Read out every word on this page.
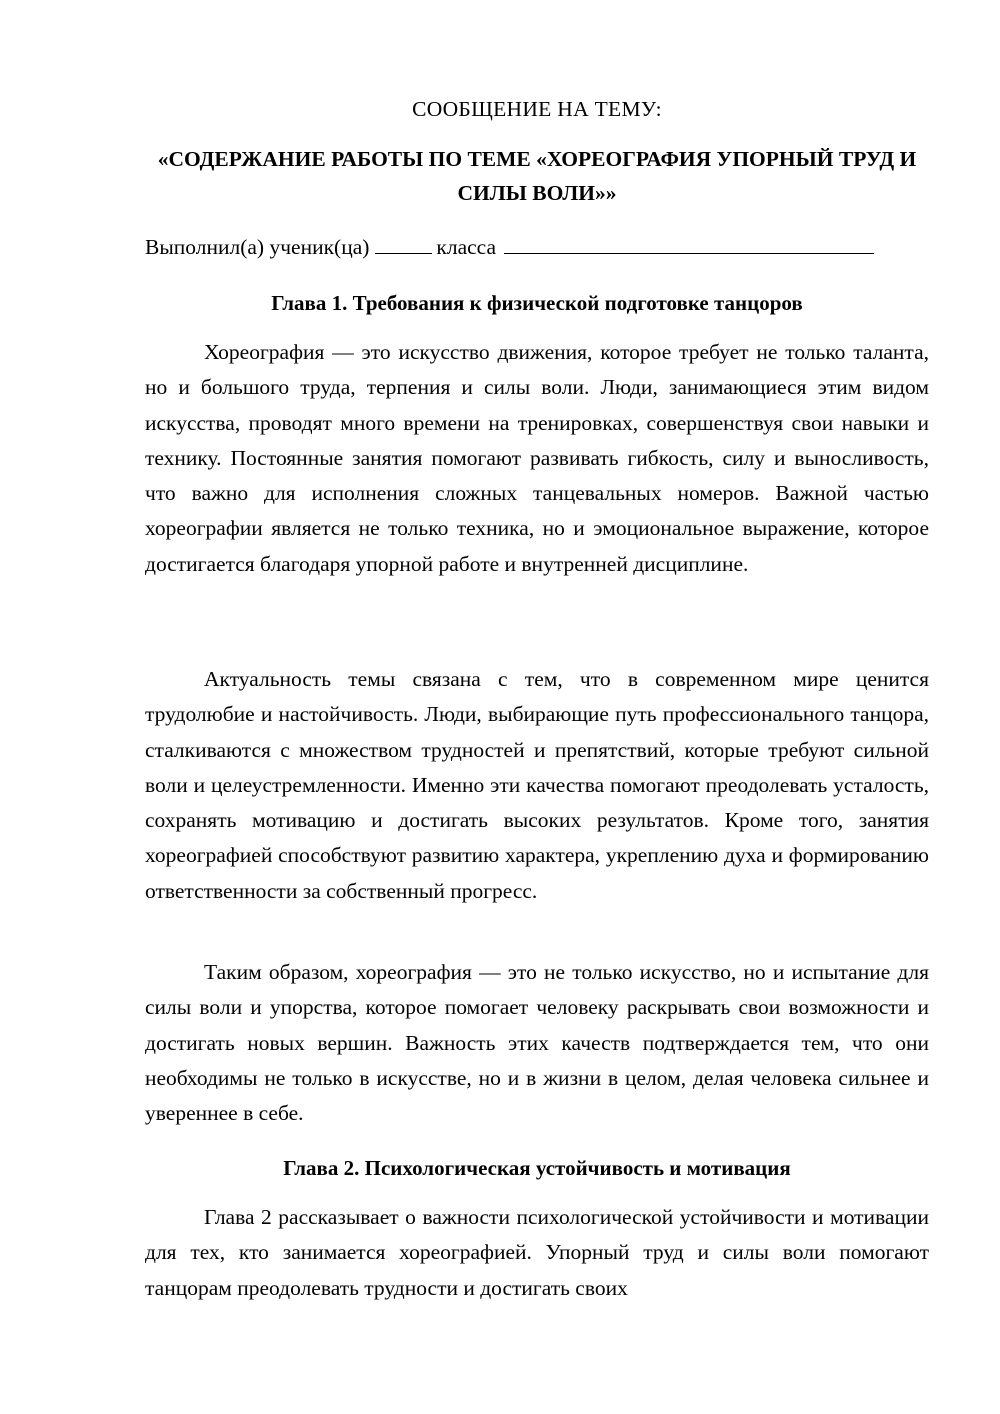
СООБЩЕНИЕ НА ТЕМУ:
«СОДЕРЖАНИЕ РАБОТЫ ПО ТЕМЕ «ХОРЕОГРАФИЯ УПОРНЫЙ ТРУД И СИЛЫ ВОЛИ»»
Выполнил(а) ученик(ца)	класса
Глава 1. Требования к физической подготовке танцоров

Хореография — это искусство движения, которое требует не только таланта, но и большого труда, терпения и силы воли. Люди, занимающиеся этим видом искусства, проводят много времени на тренировках, совершенствуя свои навыки и технику. Постоянные занятия помогают развивать гибкость, силу и выносливость, что важно для исполнения сложных танцевальных номеров. Важной частью хореографии является не только техника, но и эмоциональное выражение, которое достигается благодаря упорной работе и внутренней дисциплине.

Актуальность темы связана с тем, что в современном мире ценится трудолюбие и настойчивость. Люди, выбирающие путь профессионального танцора, сталкиваются с множеством трудностей и препятствий, которые требуют сильной воли и целеустремленности. Именно эти качества помогают преодолевать усталость, сохранять мотивацию и достигать высоких результатов. Кроме того, занятия хореографией способствуют развитию характера, укреплению духа и формированию ответственности за собственный прогресс.

Таким образом, хореография — это не только искусство, но и испытание для силы воли и упорства, которое помогает человеку раскрывать свои возможности и достигать новых вершин. Важность этих качеств подтверждается тем, что они необходимы не только в искусстве, но и в жизни в целом, делая человека сильнее и увереннее в себе.

Глава 2. Психологическая устойчивость и мотивация

Глава 2 рассказывает о важности психологической устойчивости и мотивации для тех, кто занимается хореографией. Упорный труд и силы воли помогают танцорам преодолевать трудности и достигать своих
